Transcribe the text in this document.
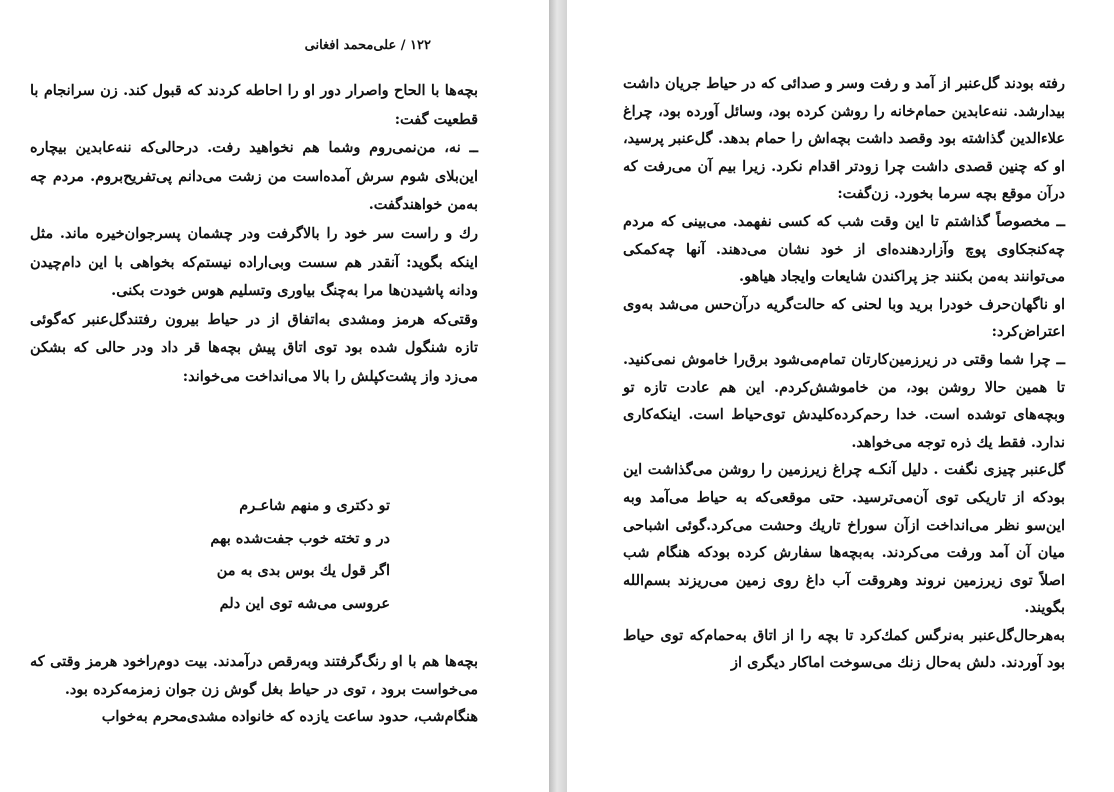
۱۲۲ / علی‌محمد افغانی

بچه‌ها با الحاح واصرار دور او را احاطه کردند که قبول کند. زن سرانجام با قطعیت گفت:

ــ نه، من‌نمی‌روم وشما هم نخواهید رفت. درحالی‌که ننه‌عابدین بیچاره این‌بلای شوم سرش آمده‌است من زشت می‌دانم پی‌تفریح‌بروم. مردم چه به‌من خواهندگفت.

رك و راست سر خود را بالاگرفت ودر چشمان پسرجوان‌خیره ماند. مثل اینکه بگوید: آنقدر هم سست وبی‌اراده نیستم‌که بخواهی با این دام‌چیدن ودانه پاشیدن‌ها مرا به‌چنگ بیاوری وتسلیم هوس خودت بکنی.

وقتی‌که هرمز ومشدی به‌اتفاق از در حیاط بیرون رفتندگل‌عنبر که‌گوئی تازه شنگول شده بود توی اتاق پیش بچه‌ها قر داد ودر حالی که بشکن می‌زد واز پشت‌کپلش را بالا می‌انداخت می‌خواند:

تو دکتری و منهم شاعـرم
در و تخته خوب جفت‌شده بهم
اگر قول یك بوس بدی به من
عروسی می‌شه توی این دلم

بچه‌ها هم با او رنگ‌گرفتند وبه‌رقص درآمدند. بیت دوم‌راخود هرمز وقتی که می‌خواست برود ، توی در حیاط بغل گوش زن جوان زمزمه‌کرده بود.

هنگام‌شب، حدود ساعت یازده که خانواده مشدی‌محرم به‌خواب

رفته بودند گل‌عنبر از آمد و رفت وسر و صدائی که در حیاط جریان داشت بیدارشد. ننه‌عابدین حمام‌خانه را روشن کرده بود، وسائل آورده بود، چراغ علاءالدین گذاشته بود وقصد داشت بچه‌اش را حمام بدهد. گل‌عنبر پرسید، او که چنین قصدی داشت چرا زودتر اقدام نکرد. زیرا بیم آن می‌رفت که درآن موقع بچه سرما بخورد. زن‌گفت:

ــ مخصوصاً گذاشتم تا این وقت شب که کسی نفهمد. می‌بینی که مردم چه‌کنجکاوی پوچ وآزاردهنده‌ای از خود نشان می‌دهند. آنها چه‌کمکی می‌توانند به‌من بکنند جز پراکندن شایعات وایجاد هیاهو.

او ناگهان‌حرف خودرا برید وبا لحنی که حالت‌گریه درآن‌حس می‌شد به‌وی اعتراض‌کرد:

ــ چرا شما وقتی در زیرزمین‌کارتان تمام‌می‌شود برق‌را خاموش نمی‌کنید. تا همین حالا روشن بود، من خاموشش‌کردم. این هم عادت تازه تو وبچه‌های توشده است. خدا رحم‌کرده‌کلیدش توی‌حیاط است. اینکه‌کاری ندارد. فقط یك ذره توجه می‌خواهد.

گل‌عنبر چیزی نگفت . دلیل آنکـه چراغ زیرزمین را روشن می‌گذاشت این بودکه از تاریکی توی آن‌می‌ترسید. حتی موقعی‌که به حیاط می‌آمد وبه این‌سو نظر می‌انداخت ازآن سوراخ تاریك وحشت می‌کرد.گوئی اشباحی میان آن آمد ورفت می‌کردند. به‌بچه‌ها سفارش کرده بودکه هنگام شب اصلاً توی زیرزمین نروند وهروقت آب داغ روی زمین می‌ریزند بسم‌الله بگویند.

به‌هرحال‌گل‌عنبر به‌نرگس کمك‌کرد تا بچه را از اتاق به‌حمام‌که توی حیاط بود آوردند. دلش به‌حال زنك می‌سوخت اماکار دیگری از
